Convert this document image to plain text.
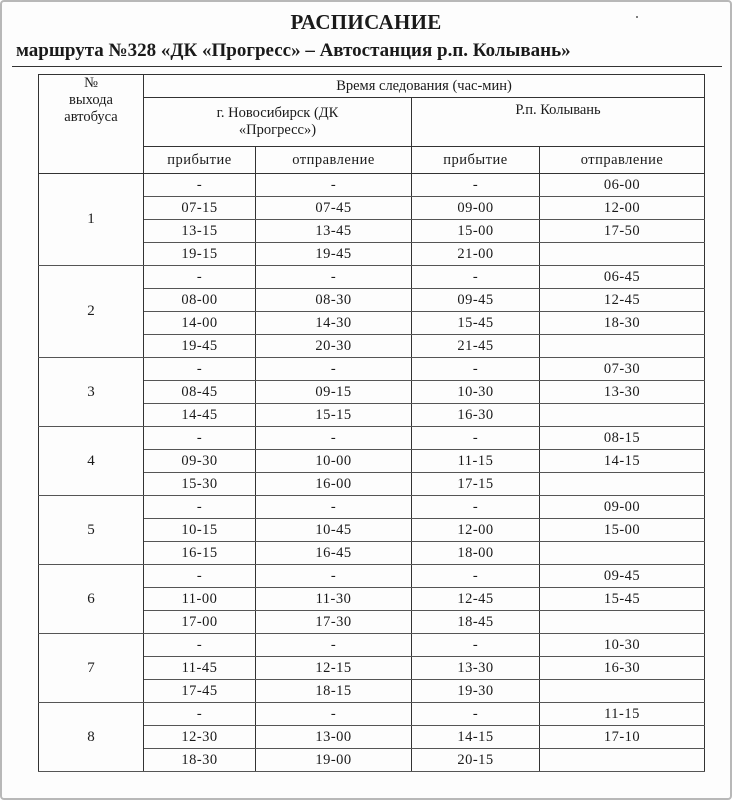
РАСПИСАНИЕ
маршрута №328 «ДК «Прогресс» – Автостанция р.п. Колывань»
№
выхода
автобуса	Время следования (час-мин)			
	г. Новосибирск (ДК
«Прогресс»)		Р.п. Колывань	
	прибытие	отправление	прибытие	отправление
1	-	-	-	06-00
	07-15	07-45	09-00	12-00
	13-15	13-45	15-00	17-50
	19-15	19-45	21-00	
2	-	-	-	06-45
	08-00	08-30	09-45	12-45
	14-00	14-30	15-45	18-30
	19-45	20-30	21-45	
3	-	-	-	07-30
	08-45	09-15	10-30	13-30
	14-45	15-15	16-30	
4	-	-	-	08-15
	09-30	10-00	11-15	14-15
	15-30	16-00	17-15	
5	-	-	-	09-00
	10-15	10-45	12-00	15-00
	16-15	16-45	18-00	
6	-	-	-	09-45
	11-00	11-30	12-45	15-45
	17-00	17-30	18-45	
7	-	-	-	10-30
	11-45	12-15	13-30	16-30
	17-45	18-15	19-30	
8	-	-	-	11-15
	12-30	13-00	14-15	17-10
	18-30	19-00	20-15	
